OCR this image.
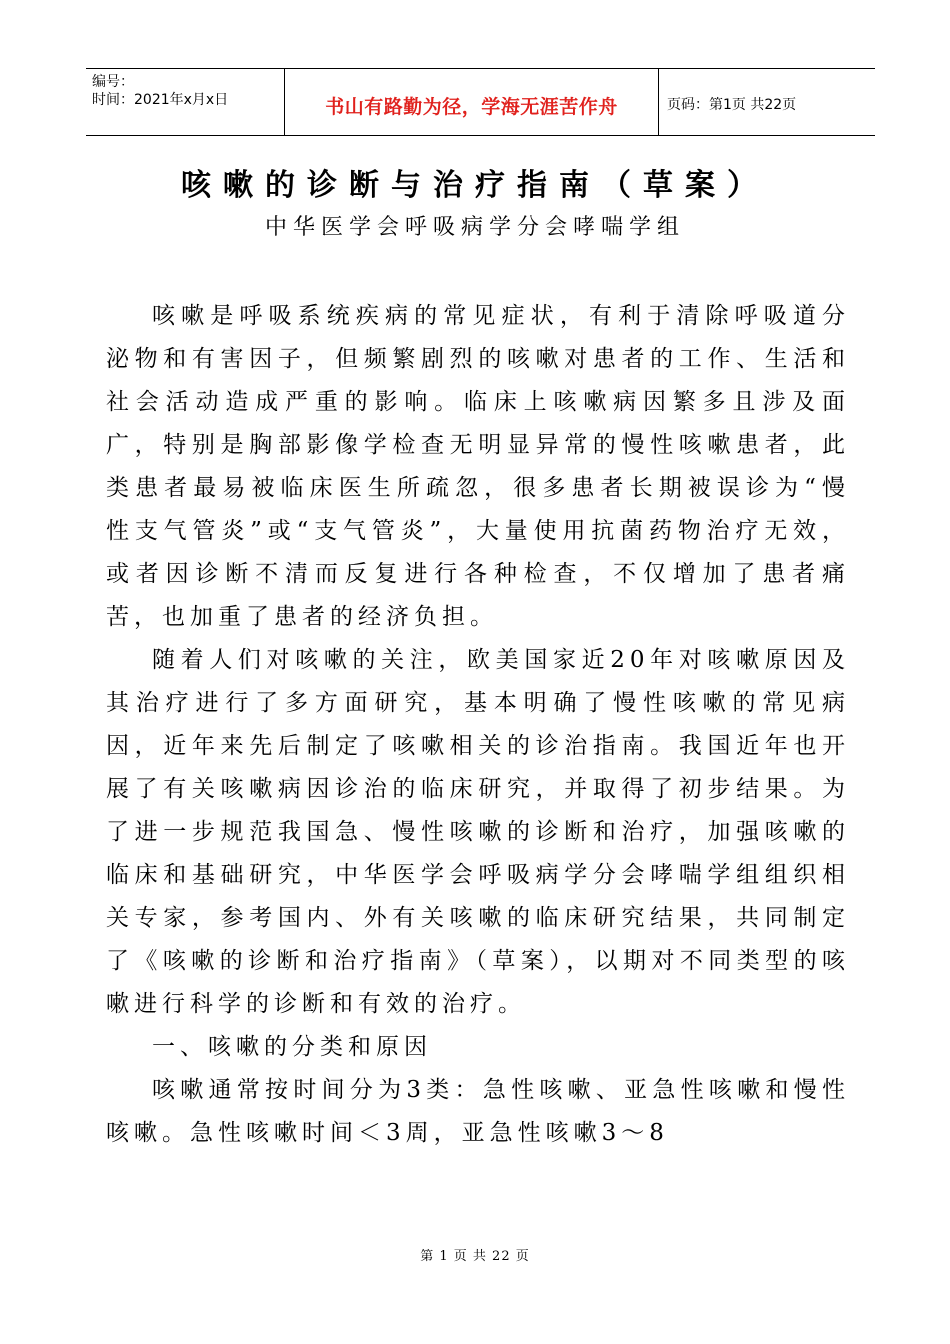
编号：
时间：2021年x月x日	书山有路勤为径，学海无涯苦作舟	页码：第1页 共22页
咳嗽的诊断与治疗指南（草案）
中华医学会呼吸病学分会哮喘学组

咳嗽是呼吸系统疾病的常见症状，有利于清除呼吸道分泌物和有害因子，但频繁剧烈的咳嗽对患者的工作、生活和社会活动造成严重的影响。临床上咳嗽病因繁多且涉及面广，特别是胸部影像学检查无明显异常的慢性咳嗽患者，此类患者最易被临床医生所疏忽，很多患者长期被误诊为“慢性支气管炎”或“支气管炎”，大量使用抗菌药物治疗无效，或者因诊断不清而反复进行各种检查，不仅增加了患者痛苦，也加重了患者的经济负担。

随着人们对咳嗽的关注，欧美国家近20年对咳嗽原因及其治疗进行了多方面研究，基本明确了慢性咳嗽的常见病因，近年来先后制定了咳嗽相关的诊治指南。我国近年也开展了有关咳嗽病因诊治的临床研究，并取得了初步结果。为了进一步规范我国急、慢性咳嗽的诊断和治疗，加强咳嗽的临床和基础研究，中华医学会呼吸病学分会哮喘学组组织相关专家，参考国内、外有关咳嗽的临床研究结果，共同制定了《咳嗽的诊断和治疗指南》（草案），以期对不同类型的咳嗽进行科学的诊断和有效的治疗。

一、咳嗽的分类和原因

咳嗽通常按时间分为3类：急性咳嗽、亚急性咳嗽和慢性咳嗽。急性咳嗽时间＜3周，亚急性咳嗽3～8

第 1 页 共 22 页
